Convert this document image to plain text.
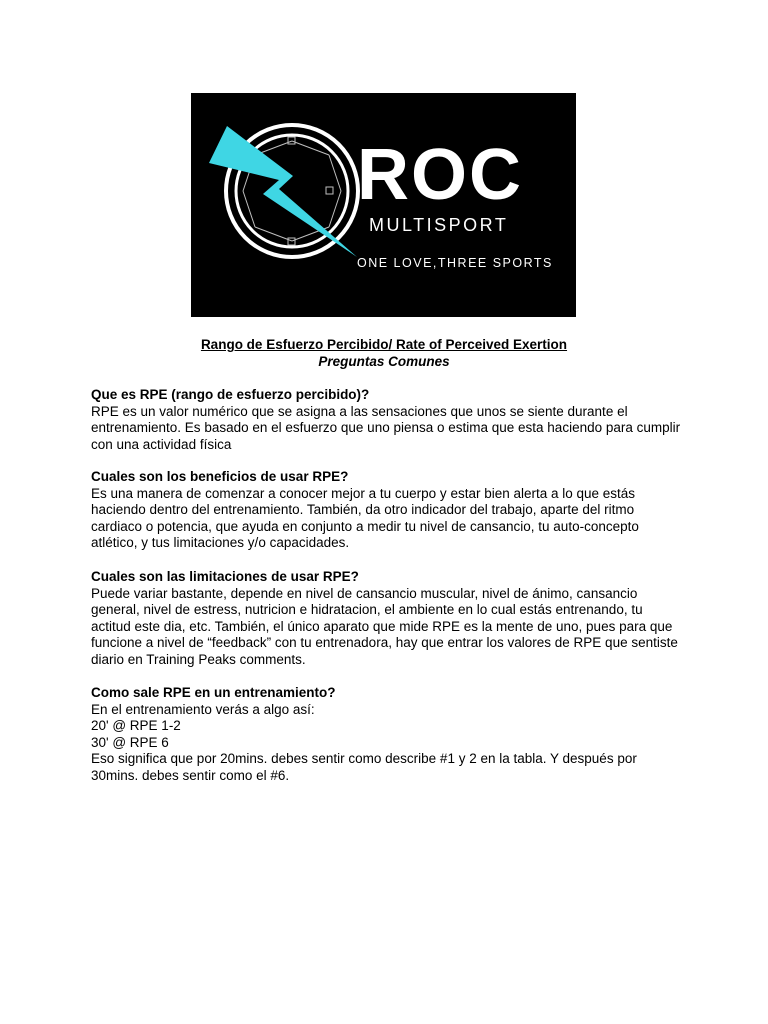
ROC
MULTISPORT
ONE LOVE,THREE SPORTS
Rango de Esfuerzo Percibido/ Rate of Perceived Exertion
Preguntas Comunes
Que es RPE (rango de esfuerzo percibido)?

RPE es un valor numérico que se asigna a las sensaciones que unos se siente durante el entrenamiento. Es basado en el esfuerzo que uno piensa o estima que esta haciendo para cumplir con una actividad física

Cuales son los beneficios de usar RPE?

Es una manera de comenzar a conocer mejor a tu cuerpo y estar bien alerta a lo que estás haciendo dentro del entrenamiento. También, da otro indicador del trabajo, aparte del ritmo cardiaco o potencia, que ayuda en conjunto a medir tu nivel de cansancio, tu auto-concepto atlético, y tus limitaciones y/o capacidades.

Cuales son las limitaciones de usar RPE?

Puede variar bastante, depende en nivel de cansancio muscular, nivel de ánimo, cansancio general, nivel de estress, nutricion e hidratacion, el ambiente en lo cual estás entrenando, tu actitud este dia, etc. También, el único aparato que mide RPE es la mente de uno, pues para que funcione a nivel de “feedback” con tu entrenadora, hay que entrar los valores de RPE que sentiste diario en Training Peaks comments.

Como sale RPE en un entrenamiento?
En el entrenamiento verás a algo así:
20' @ RPE 1-2
30' @ RPE 6

Eso significa que por 20mins. debes sentir como describe #1 y 2 en la tabla. Y después por 30mins. debes sentir como el #6.
